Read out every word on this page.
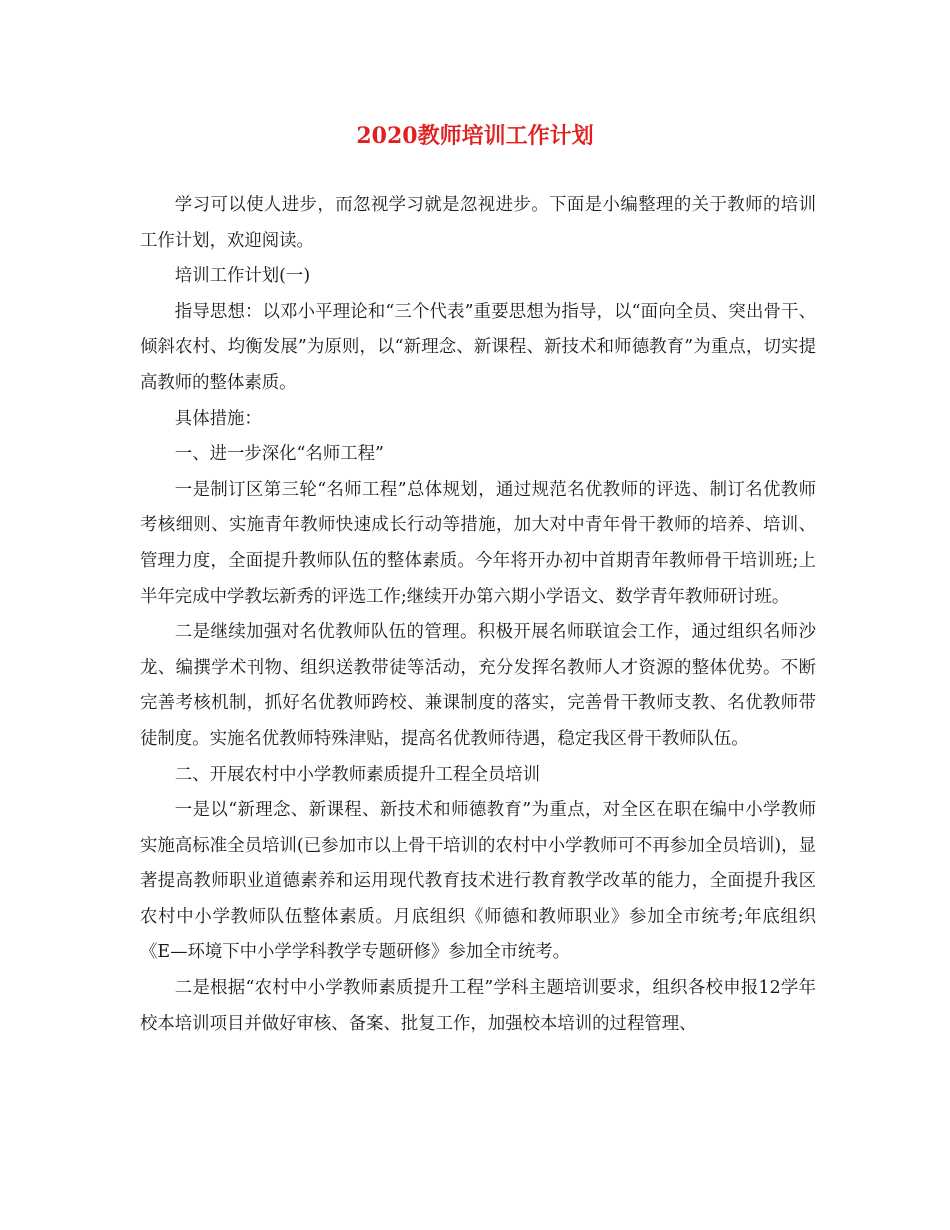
2020教师培训工作计划

学习可以使人进步，而忽视学习就是忽视进步。下面是小编整理的关于教师的培训工作计划，欢迎阅读。

培训工作计划(一)

指导思想：以邓小平理论和“三个代表”重要思想为指导，以“面向全员、突出骨干、倾斜农村、均衡发展”为原则，以“新理念、新课程、新技术和师德教育”为重点，切实提高教师的整体素质。

具体措施：

一、进一步深化“名师工程”

一是制订区第三轮“名师工程”总体规划，通过规范名优教师的评选、制订名优教师考核细则、实施青年教师快速成长行动等措施，加大对中青年骨干教师的培养、培训、管理力度，全面提升教师队伍的整体素质。今年将开办初中首期青年教师骨干培训班;上半年完成中学教坛新秀的评选工作;继续开办第六期小学语文、数学青年教师研讨班。

二是继续加强对名优教师队伍的管理。积极开展名师联谊会工作，通过组织名师沙龙、编撰学术刊物、组织送教带徒等活动，充分发挥名教师人才资源的整体优势。不断完善考核机制，抓好名优教师跨校、兼课制度的落实，完善骨干教师支教、名优教师带徒制度。实施名优教师特殊津贴，提高名优教师待遇，稳定我区骨干教师队伍。

二、开展农村中小学教师素质提升工程全员培训

一是以“新理念、新课程、新技术和师德教育”为重点，对全区在职在编中小学教师实施高标准全员培训(已参加市以上骨干培训的农村中小学教师可不再参加全员培训)，显著提高教师职业道德素养和运用现代教育技术进行教育教学改革的能力，全面提升我区农村中小学教师队伍整体素质。月底组织《师德和教师职业》参加全市统考;年底组织《E—环境下中小学学科教学专题研修》参加全市统考。

二是根据“农村中小学教师素质提升工程”学科主题培训要求，组织各校申报12学年校本培训项目并做好审核、备案、批复工作，加强校本培训的过程管理、
